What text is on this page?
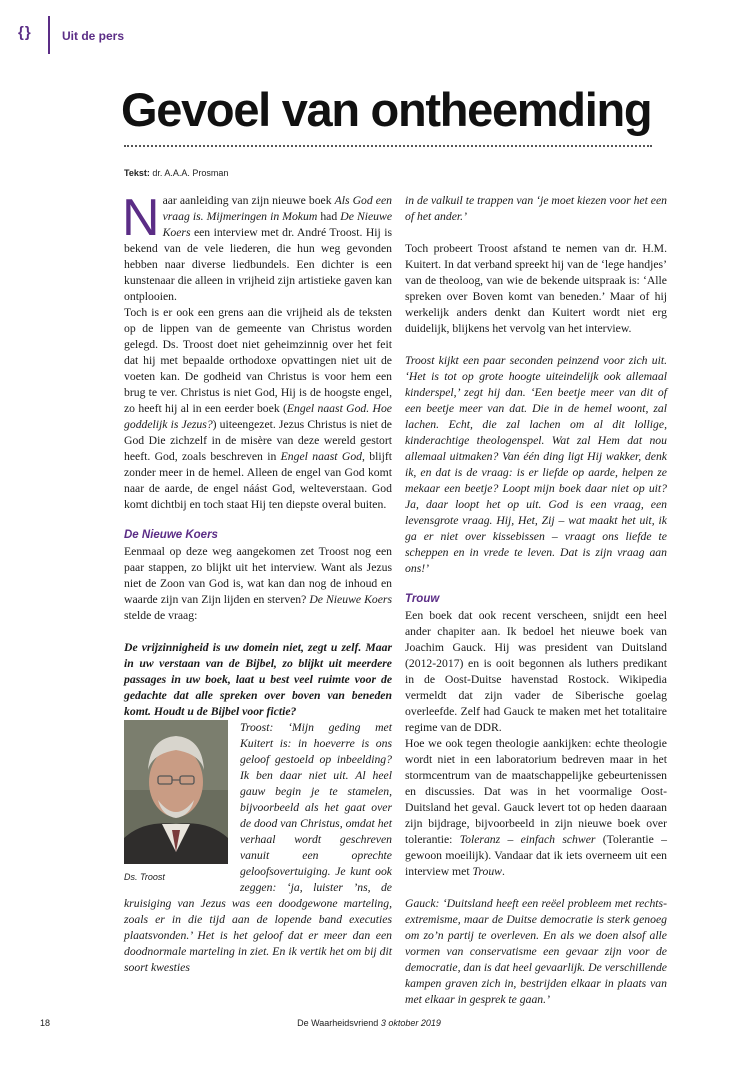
{}	Uit de pers
Gevoel van ontheemding
Tekst: dr. A.A.A. Prosman

Naar aanleiding van zijn nieuwe boek Als God een vraag is. Mijmeringen in Mokum had De Nieuwe Koers een interview met dr. André Troost. Hij is bekend van de vele liederen, die hun weg gevonden hebben naar diverse liedbundels. Een dichter is een kunstenaar die alleen in vrijheid zijn artistieke gaven kan ontplooien.

Toch is er ook een grens aan die vrijheid als de teksten op de lippen van de gemeente van Christus worden gelegd. Ds. Troost doet niet geheimzinnig over het feit dat hij met bepaalde orthodoxe opvattingen niet uit de voeten kan. De godheid van Christus is voor hem een brug te ver. Christus is niet God, Hij is de hoogste engel, zo heeft hij al in een eerder boek (Engel naast God. Hoe goddelijk is Jezus?) uiteengezet. Jezus Christus is niet de God Die zichzelf in de misère van deze wereld gestort heeft. God, zoals beschreven in Engel naast God, blijft zonder meer in de hemel. Alleen de engel van God komt naar de aarde, de engel náást God, welteverstaan. God komt dichtbij en toch staat Hij ten diepste overal buiten.

De Nieuwe Koers

Eenmaal op deze weg aangekomen zet Troost nog een paar stappen, zo blijkt uit het interview. Want als Jezus niet de Zoon van God is, wat kan dan nog de inhoud en waarde zijn van Zijn lijden en sterven? De Nieuwe Koers stelde de vraag:

De vrijzinnigheid is uw domein niet, zegt u zelf. Maar in uw verstaan van de Bijbel, zo blijkt uit meerdere passages in uw boek, laat u best veel ruimte voor de gedachte dat alle spreken over boven van beneden komt. Houdt u de Bijbel voor fictie?

Ds. Troost

Troost: ‘Mijn geding met Kuitert is: in hoeverre is ons geloof gestoeld op inbeelding? Ik ben daar niet uit. Al heel gauw begin je te stamelen, bijvoorbeeld als het gaat over de dood van Christus, omdat het verhaal wordt geschreven vanuit een oprechte geloofsovertuiging. Je kunt ook zeggen: ‘ja, luister ’ns, de kruisiging van Jezus was een doodgewone marteling, zoals er in die tijd aan de lopende band executies plaatsvonden.’ Het is het geloof dat er meer dan een doodnormale marteling in ziet. En ik vertik het om bij dit soort kwesties

in de valkuil te trappen van ‘je moet kiezen voor het een of het ander.’

Toch probeert Troost afstand te nemen van dr. H.M. Kuitert. In dat verband spreekt hij van de ‘lege handjes’ van de theoloog, van wie de bekende uitspraak is: ‘Alle spreken over Boven komt van beneden.’ Maar of hij werkelijk anders denkt dan Kuitert wordt niet erg duidelijk, blijkens het vervolg van het interview.

Troost kijkt een paar seconden peinzend voor zich uit. ‘Het is tot op grote hoogte uiteindelijk ook allemaal kinderspel,’ zegt hij dan. ‘Een beetje meer van dit of een beetje meer van dat. Die in de hemel woont, zal lachen. Echt, die zal lachen om al dit lollige, kinderachtige theologenspel. Wat zal Hem dat nou allemaal uitmaken? Van één ding ligt Hij wakker, denk ik, en dat is de vraag: is er liefde op aarde, helpen ze mekaar een beetje? Loopt mijn boek daar niet op uit? Ja, daar loopt het op uit. God is een vraag, een levensgrote vraag. Hij, Het, Zij – wat maakt het uit, ik ga er niet over kissebissen – vraagt ons liefde te scheppen en in vrede te leven. Dat is zijn vraag aan ons!’

Trouw

Een boek dat ook recent verscheen, snijdt een heel ander chapiter aan. Ik bedoel het nieuwe boek van Joachim Gauck. Hij was president van Duitsland (2012-2017) en is ooit begonnen als luthers predikant in de Oost-Duitse havenstad Rostock. Wikipedia vermeldt dat zijn vader de Siberische goelag overleefde. Zelf had Gauck te maken met het totalitaire regime van de DDR.

Hoe we ook tegen theologie aankijken: echte theologie wordt niet in een laboratorium bedreven maar in het stormcentrum van de maatschappelijke gebeurtenissen en discussies. Dat was in het voormalige Oost-Duitsland het geval. Gauck levert tot op heden daaraan zijn bijdrage, bijvoorbeeld in zijn nieuwe boek over tolerantie: Toleranz – einfach schwer (Tolerantie – gewoon moeilijk). Vandaar dat ik iets overneem uit een interview met Trouw.

Gauck: ‘Duitsland heeft een reëel probleem met rechts-extremisme, maar de Duitse democratie is sterk genoeg om zo’n partij te overleven. En als we doen alsof alle vormen van conservatisme een gevaar zijn voor de democratie, dan is dat heel gevaarlijk. De verschillende kampen graven zich in, bestrijden elkaar in plaats van met elkaar in gesprek te gaan.’

18	De Waarheidsvriend 3 oktober 2019
